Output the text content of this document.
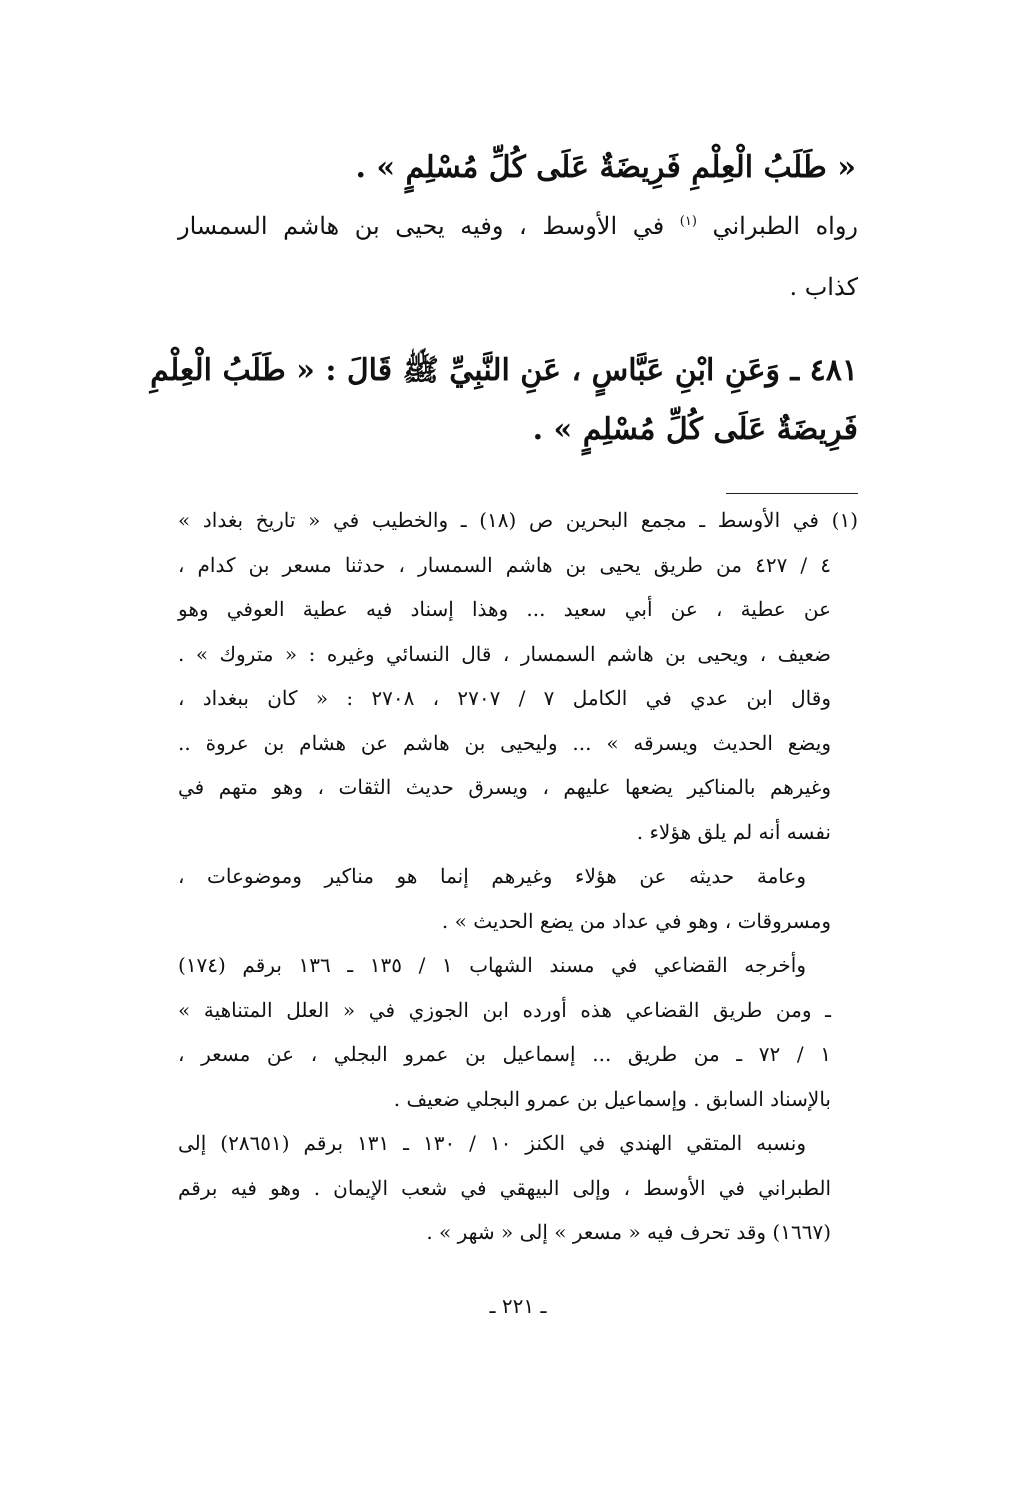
« طَلَبُ الْعِلْمِ فَرِيضَةٌ عَلَى كُلِّ مُسْلِمٍ » .
رواه الطبراني $^{(١)}$ في الأوسط ، وفيه يحيى بن هاشم السمسار
كذاب .
٤٨١ ـ وَعَنِ ابْنِ عَبَّاسٍ ، عَنِ النَّبِيِّ ﷺ قَالَ : « طَلَبُ الْعِلْمِ
فَرِيضَةٌ عَلَى كُلِّ مُسْلِمٍ » .
(١) في الأوسط ـ مجمع البحرين ص (١٨) ـ والخطيب في « تاريخ بغداد »
٤ / ٤٢٧ من طريق يحيى بن هاشم السمسار ، حدثنا مسعر بن كدام ،
عن عطية ، عن أبي سعيد ... وهذا إسناد فيه عطية العوفي وهو
ضعيف ، ويحيى بن هاشم السمسار ، قال النسائي وغيره : « متروك » .
وقال ابن عدي في الكامل ٧ / ٢٧٠٧ ، ٢٧٠٨ : « كان ببغداد ،
ويضع الحديث ويسرقه » ... وليحيى بن هاشم عن هشام بن عروة ..
وغيرهم بالمناكير يضعها عليهم ، ويسرق حديث الثقات ، وهو متهم في
نفسه أنه لم يلق هؤلاء .
وعامة حديثه عن هؤلاء وغيرهم إنما هو مناكير وموضوعات ،
ومسروقات ، وهو في عداد من يضع الحديث » .
وأخرجه القضاعي في مسند الشهاب ١ / ١٣٥ ـ ١٣٦ برقم (١٧٤)
ـ ومن طريق القضاعي هذه أورده ابن الجوزي في « العلل المتناهية »
١ / ٧٢ ـ من طريق ... إسماعيل بن عمرو البجلي ، عن مسعر ،
بالإسناد السابق . وإسماعيل بن عمرو البجلي ضعيف .
ونسبه المتقي الهندي في الكنز ١٠ / ١٣٠ ـ ١٣١ برقم (٢٨٦٥١) إلى
الطبراني في الأوسط ، وإلى البيهقي في شعب الإيمان . وهو فيه برقم
(١٦٦٧) وقد تحرف فيه « مسعر » إلى « شهر » .
ـ ٢٢١ ـ
